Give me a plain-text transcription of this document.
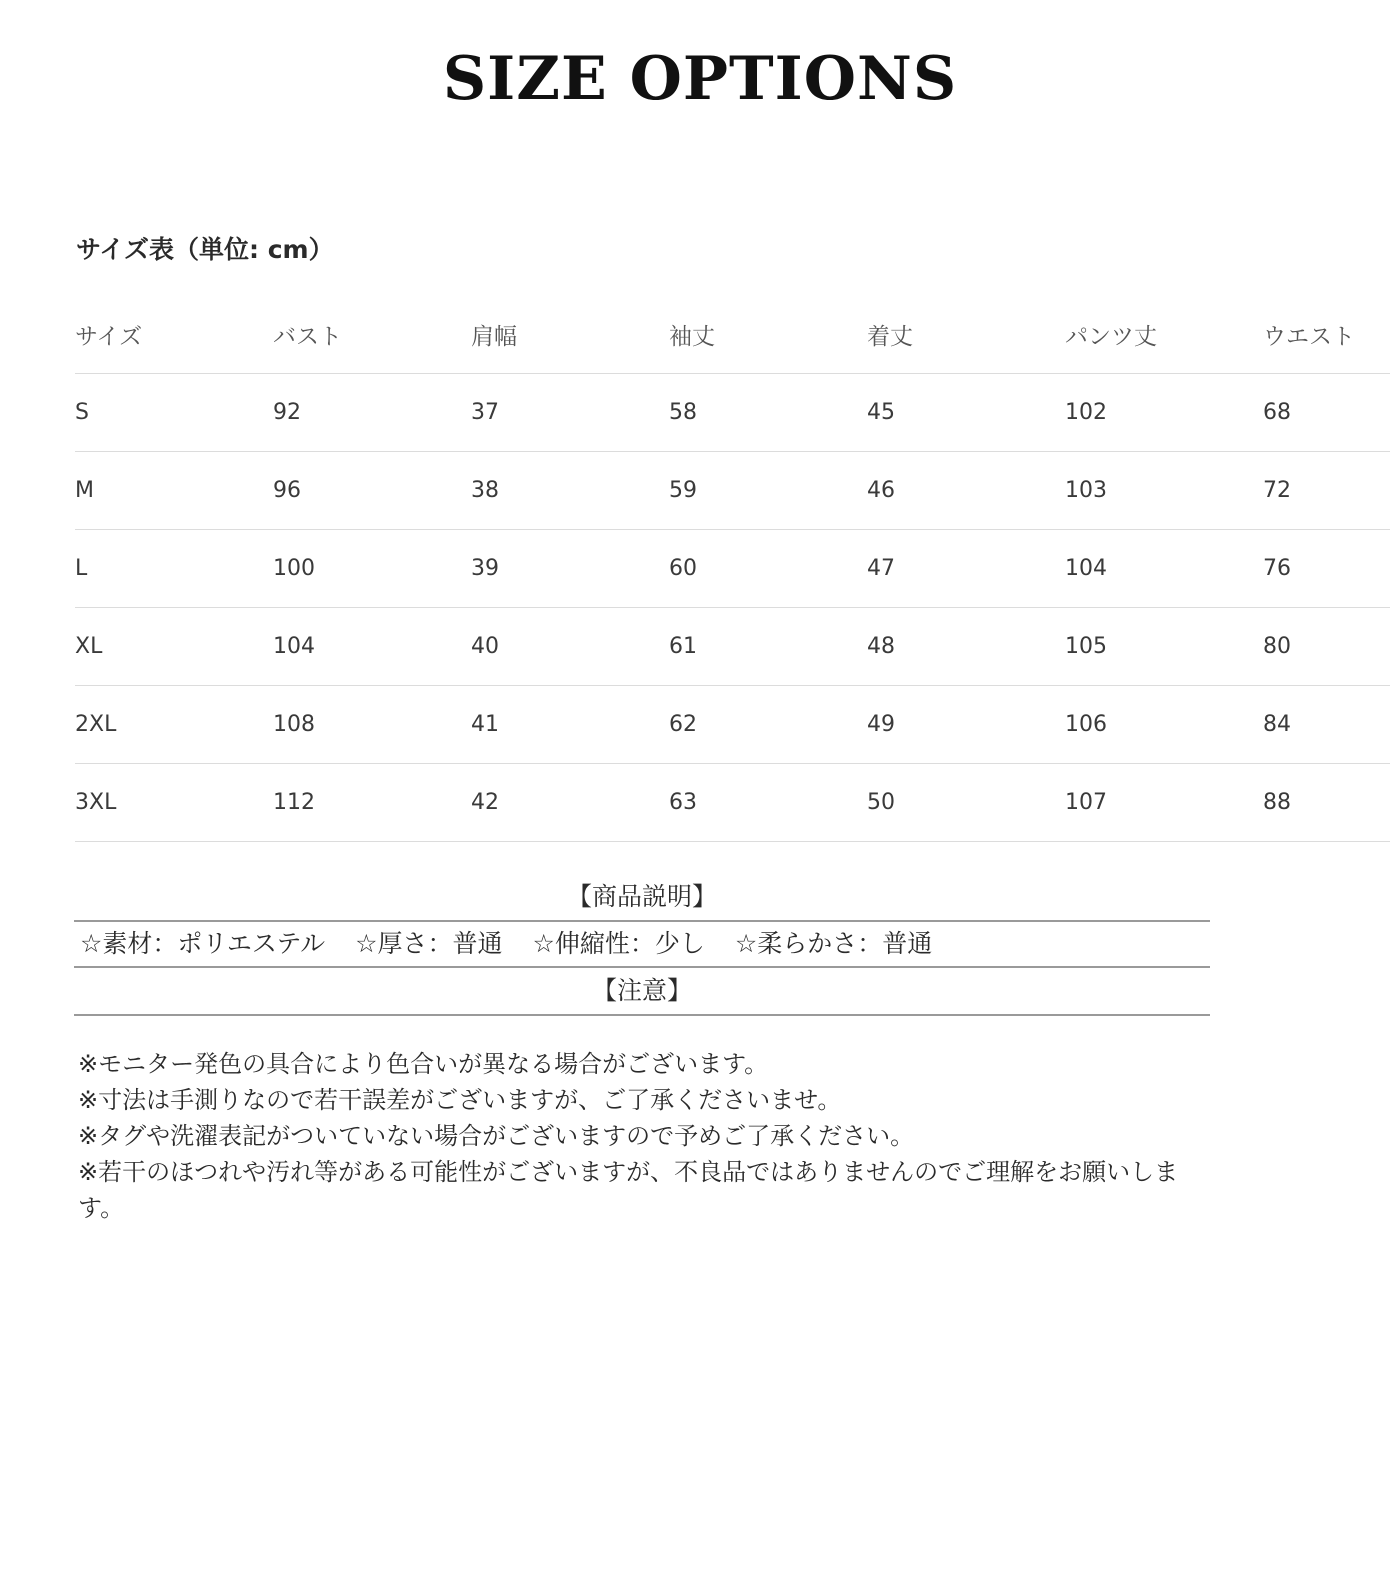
SIZE OPTIONS
サイズ表（単位: cm）
サイズ	バスト	肩幅	袖丈	着丈	パンツ丈	ウエスト
S	92	37	58	45	102	68
M	96	38	59	46	103	72
L	100	39	60	47	104	76
XL	104	40	61	48	105	80
2XL	108	41	62	49	106	84
3XL	112	42	63	50	107	88
【商品説明】
☆素材：ポリエステル ☆厚さ：普通 ☆伸縮性：少し ☆柔らかさ：普通
【注意】

※モニター発色の具合により色合いが異なる場合がございます。

※寸法は手測りなので若干誤差がございますが、ご了承くださいませ。

※タグや洗濯表記がついていない場合がございますので予めご了承ください。

※若干のほつれや汚れ等がある可能性がございますが、不良品ではありませんのでご理解をお願いします。
